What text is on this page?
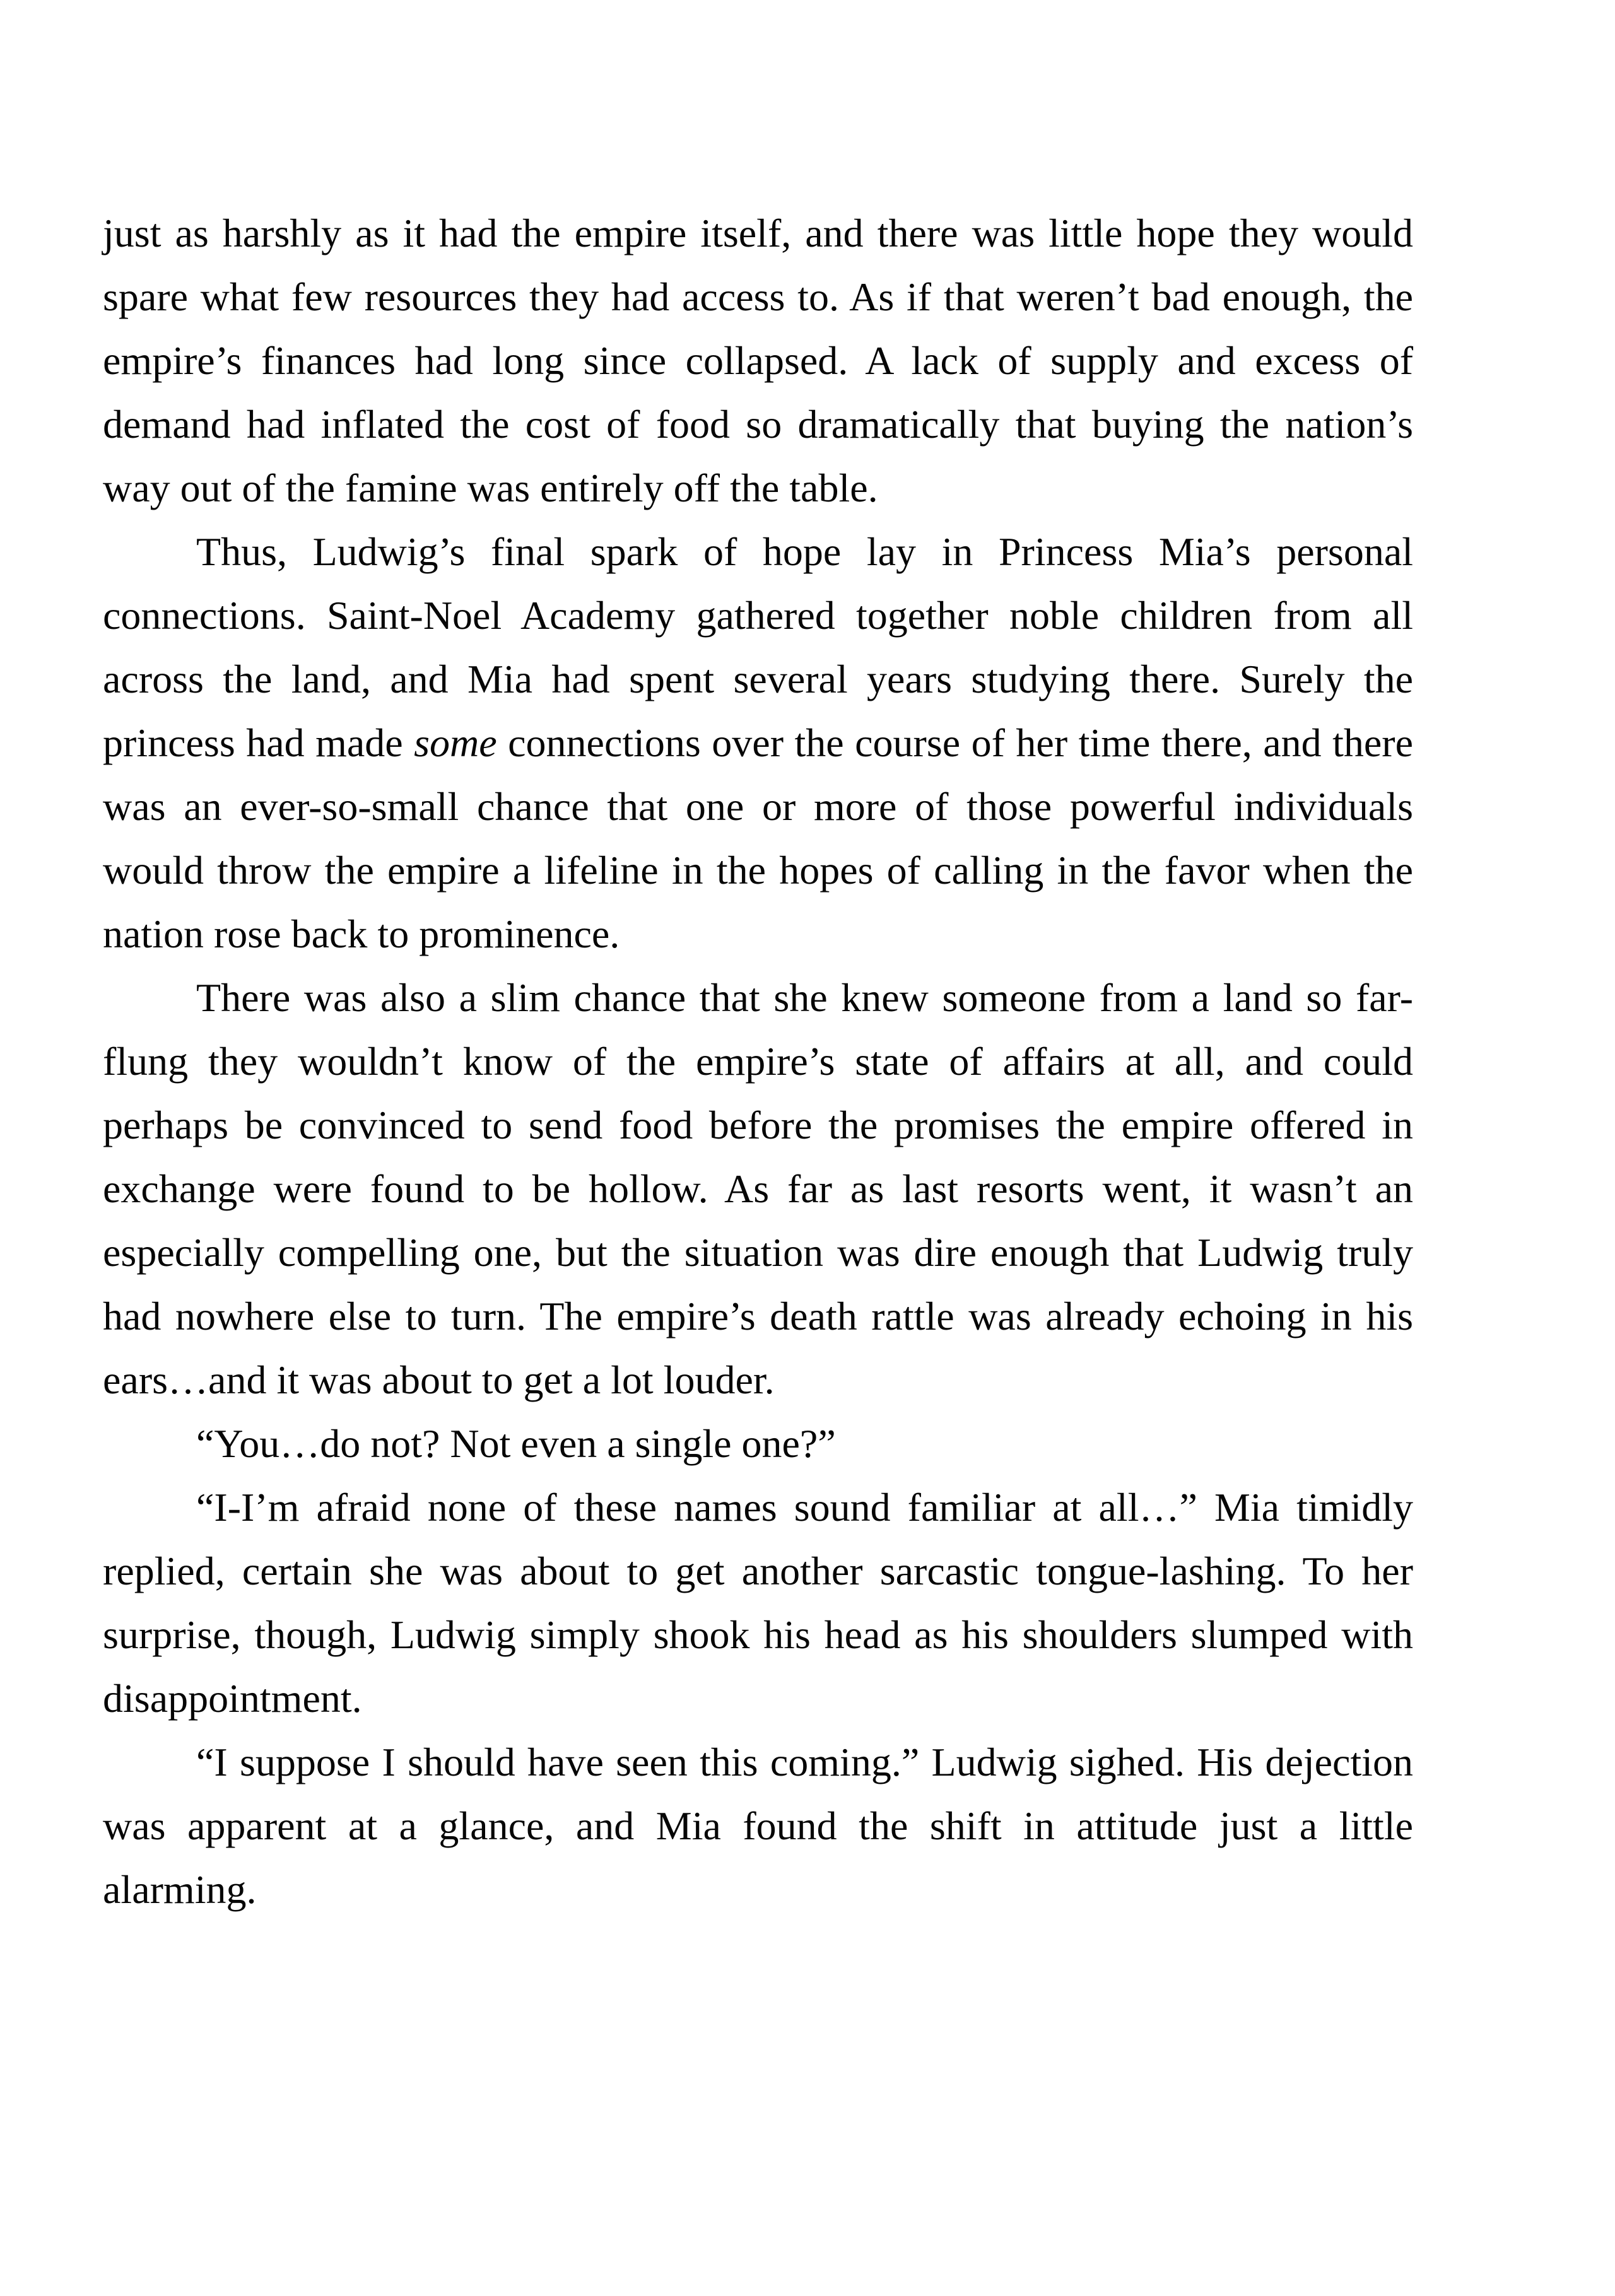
just as harshly as it had the empire itself, and there was little hope they would spare what few resources they had access to. As if that weren’t bad enough, the empire’s finances had long since collapsed. A lack of supply and excess of demand had inflated the cost of food so dramatically that buying the nation’s way out of the famine was entirely off the table.

Thus, Ludwig’s final spark of hope lay in Princess Mia’s personal connections. Saint-Noel Academy gathered together noble children from all across the land, and Mia had spent several years studying there. Surely the princess had made some connections over the course of her time there, and there was an ever-so-small chance that one or more of those powerful individuals would throw the empire a lifeline in the hopes of calling in the favor when the nation rose back to prominence.

There was also a slim chance that she knew someone from a land so far-flung they wouldn’t know of the empire’s state of affairs at all, and could perhaps be convinced to send food before the promises the empire offered in exchange were found to be hollow. As far as last resorts went, it wasn’t an especially compelling one, but the situation was dire enough that Ludwig truly had nowhere else to turn. The empire’s death rattle was already echoing in his ears…and it was about to get a lot louder.

“You…do not? Not even a single one?”

“I-I’m afraid none of these names sound familiar at all…” Mia timidly replied, certain she was about to get another sarcastic tongue-lashing. To her surprise, though, Ludwig simply shook his head as his shoulders slumped with disappointment.

“I suppose I should have seen this coming.” Ludwig sighed. His dejection was apparent at a glance, and Mia found the shift in attitude just a little alarming.
